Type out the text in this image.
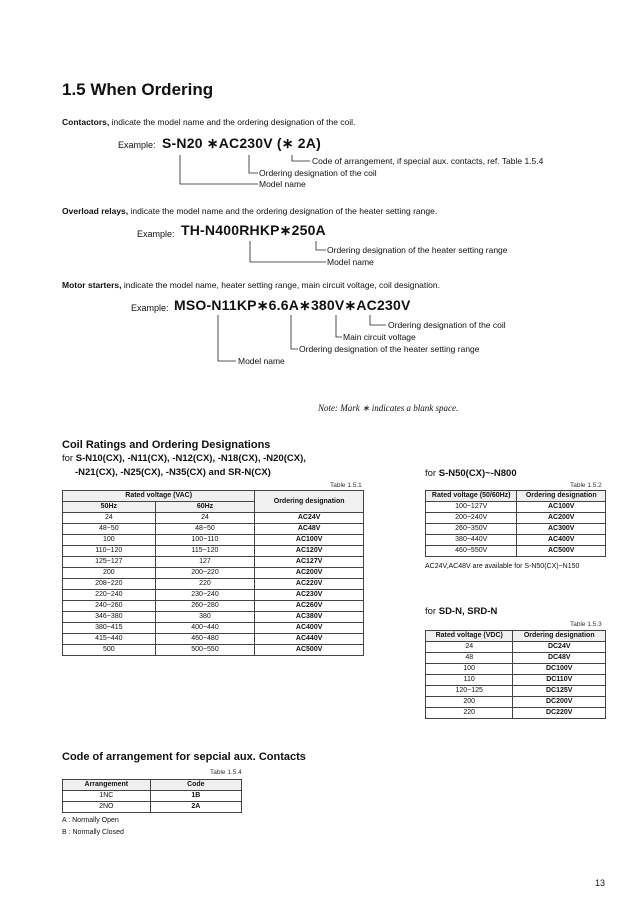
1.5 When Ordering
Contactors, indicate the model name and the ordering designation of the coil.
Example: S-N20 ∗AC230V (∗ 2A)
Code of arrangement, if special aux. contacts, ref. Table 1.5.4
Ordering designation of the coil
Model name
Overload relays, indicate the model name and the ordering designation of the heater setting range.
Example: TH-N400RHKP∗250A
Ordering designation of the heater setting range
Model name
Motor starters, indicate the model name, heater setting range, main circuit voltage, coil designation.
Example: MSO-N11KP∗6.6A∗380V∗AC230V
Ordering designation of the coil
Main circuit voltage
Ordering designation of the heater setting range
Model name
Note: Mark ∗ indicates a blank space.
Coil Ratings and Ordering Designations
for S-N10(CX), -N11(CX), -N12(CX), -N18(CX), -N20(CX),
-N21(CX), -N25(CX), -N35(CX) and SR-N(CX)
Table 1.5.1
Rated voltage (VAC)		Ordering designation
50Hz	60Hz	
24	24	AC24V
48~50	48~50	AC48V
100	100~110	AC100V
110~120	115~120	AC120V
125~127	127	AC127V
200	200~220	AC200V
208~220	220	AC220V
220~240	230~240	AC230V
240~260	260~280	AC260V
346~380	380	AC380V
380~415	400~440	AC400V
415~440	460~480	AC440V
500	500~550	AC500V
for S-N50(CX)~-N800
Table 1.5.2
Rated voltage (50/60Hz)	Ordering designation
100~127V	AC100V
200~240V	AC200V
260~350V	AC300V
380~440V	AC400V
460~550V	AC500V
AC24V,AC48V are available for S-N50(CX)~N150
for SD-N, SRD-N
Table 1.5.3
Rated voltage (VDC)	Ordering designation
24	DC24V
48	DC48V
100	DC100V
110	DC110V
120~125	DC125V
200	DC200V
220	DC220V
Code of arrangement for sepcial aux. Contacts
Table 1.5.4
Arrangement	Code
1NC	1B
2NO	2A
A : Normally Open
B : Normally Closed
13
